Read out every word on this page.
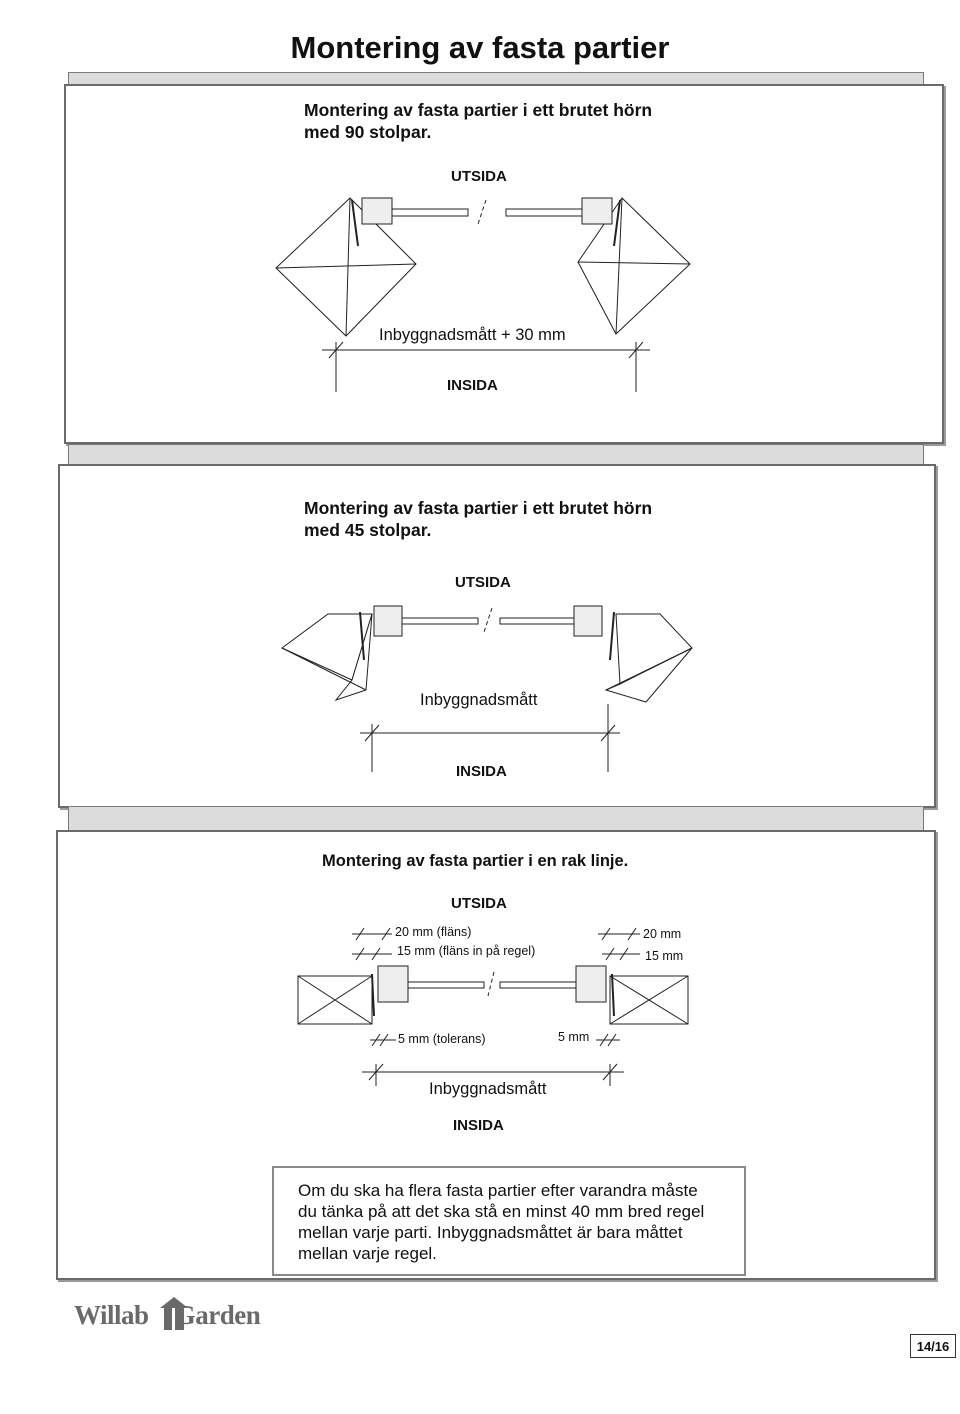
Montering av fasta partier
Montering av fasta partier i ett brutet hörn
med 90 stolpar.
UTSIDA
Inbyggnadsmått + 30 mm
INSIDA
Montering av fasta partier i ett brutet hörn
med 45 stolpar.
UTSIDA
Inbyggnadsmått
INSIDA
Montering av fasta partier i en rak linje.
UTSIDA
20 mm (fläns)
15 mm (fläns in på regel)
20 mm
15 mm
5 mm (tolerans)	5 mm
Inbyggnadsmått
INSIDA
Om du ska ha flera fasta partier efter varandra måste
du tänka på att det ska stå en minst 40 mm bred regel
mellan varje parti. Inbyggnadsmåttet är bara måttet
mellan varje regel.
Willab Garden
14/16
